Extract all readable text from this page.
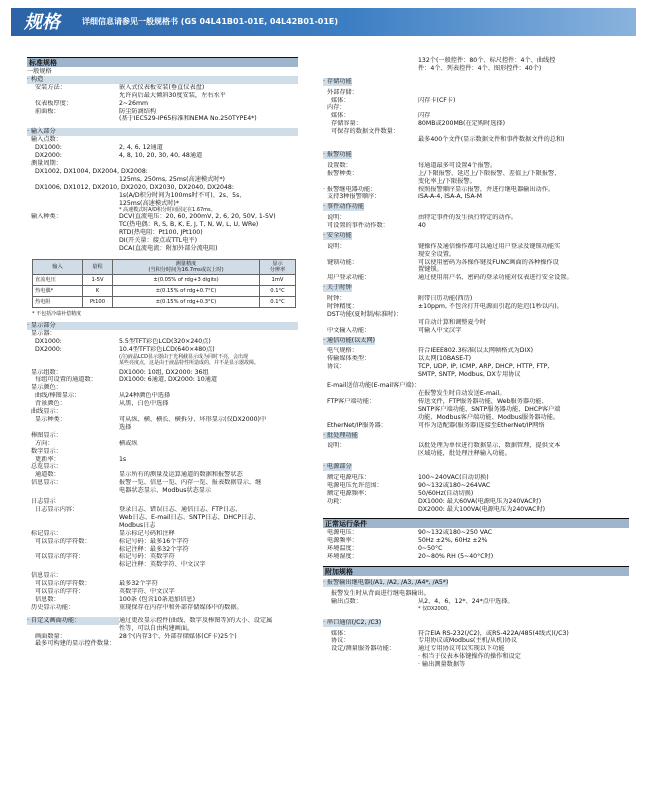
规格	详细信息请参见一般规格书 (GS 04L41B01-01E, 04L42B01-01E)
标准规格
一般规格
· 构造
安装方法：	嵌入式仪表板安装(垂直仪表盘)
允许向后最大倾斜30度安装，左右水平
仪表板厚度：	2~26mm
前面板：	防尘防滴结构
(基于IEC529-IP65标准和NEMA No.250TYPE4*)
· 输入部分
输入点数：
DX1000:	2, 4, 6, 12通道
DX2000:	4, 8, 10, 20, 30, 40, 48通道
测量周期：
DX1002, DX1004, DX2004, DX2008:
125ms, 250ms, 25ms(高速模式时*)
DX1006, DX1012, DX2010, DX2020, DX2030, DX2040, DX2048:
1s(A/D积分时间为100ms时不可)、2s、5s、
125ms(高速模式时)*
* 高速模式时A/D积分时间固定在1.67ms。
输入种类：	DCV(直流电压：20, 60, 200mV, 2, 6, 20, 50V, 1-5V)
TC(热电偶：R, S, B, K, E, J, T, N, W, L, U, WRe)
RTD(热电阻：Pt100, JPt100)
DI(开关量：接点或TTL电平)
DCA(直流电流：附加外部分流电阻)
输入	量程	测量精度
(当积分时间为16.7ms或以上时)	显示
分辨率
直流电压	1-5V	±(0.05% of rdg+3 digits)	1mV
热电偶*	K	±(0.15% of rdg+0.7°C)	0.1°C
热电阻	Pt100	±(0.15% of rdg+0.3°C)	0.1°C
* 不包括冷端补偿精度
· 显示部分
显示器：
DX1000:	5.5型TFT彩色LCD(320×240点)
DX2000:	10.4型TFT彩色LCD(640×480点)
(注)液晶LCD显示器由于光利截显示成为同时不亮，会出现
某些亮度点，这是由于液晶特性所造成的，并不是显示器故障。
显示组数：	DX1000: 10组, DX2000: 36组
每组可设置的通道数：	DX1000: 6通道, DX2000: 10通道
显示颜色：
曲线/棒图显示：	从24种颜色中选择
背景颜色：	从黑，白色中选择
曲线显示：
显示种类：	可从纵、横、横长、横拆分、坏形显示(仅DX2000)中
选择
棒图显示：
方向：	横或纵
数字显示：
更新率：	1s
总览显示：
通道数：	显示所有的测量及运算通道的数据和报警状态
信息显示：	报警一览、信息一览、内存一览、报表数据显示、继
电器状态显示、Modbus状态显示
日志显示
日志显示内容：	登录日志、错误日志、通信日志、FTP日志、
Web日志、E-mail日志、SNTP日志、DHCP日志、
Modbus日志
标记显示：	显示标记号码和注释
可以显示的字符数：	标记号码：最多16个字符
标记注释：最多32个字符
可以显示的字符：	标记号码：英数字符
标记注释：英数字符、中文汉字
信息显示：
可以显示的字符数：	最多32个字符
可以显示的字符：	英数字符、中文汉字
信息数：	100条 (包含10条追加信息)
历史显示功能：	重现保存在内存中和外部存储媒体中的数据。
· 自定义画面功能：	通过更改显示控件(曲线、数字及棒图等)的大小、设定属
性等，可以自由构建画面。
画面数量：	28个(内存3个、外部存储媒体(CF卡)25个)
最多可构建的显示控件数量：
132个(一般控件：80个、标尺控件：4个、曲线控
件：4个、列表控件：4个、图形控件：40个)
· 存储功能
外部存储：
媒体：	闪存卡(CF卡)
内存：
媒体：	闪存
存储容量：	80MB或200MB(在定购时选择)
可保存的数据文件数量：
最多400个文件(显示数据文件和事件数据文件的总和)
· 报警功能
设置数：	每通道最多可设置4个报警。
报警种类：	上/下限报警、延迟上/下限报警、差值上/下限报警、
变化率上/下限报警。
· 报警继电器功能：	按照报警顺序显示报警，并进行继电器输出动作。
支持3种报警顺序：	ISA-A-4, ISA-A, ISA-M
· 事件动作功能
说明：	由特定事件的发生执行特定的动作。
可设置的事件动作数：	40
· 安全功能
说明：	键操作及通信操作都可以通过用户登录及键锁功能实
现安全设置。
键锁功能：	可以使用密码为各操作键及FUNC画面的各种操作设
置键锁。
用户登录功能：	通过使用用户名、密码的登录功能对仪表进行安全设置。
· 关于时钟
时钟：	附带日历功能(西历)
时钟精度：	±10ppm, 不包含打开电源而引起的延迟(1秒以内)。
DST功能(夏时制/标准时)：
可自动计算和调整夏令时
中文输入功能：	可输入中文汉字
· 通信功能(以太网)
电气规格：	符合IEEE802.3标准(以太网帧格式为DIX)
传输媒体类型：	以太网(10BASE-T)
协议：	TCP, UDP, IP, ICMP, ARP, DHCP, HTTP, FTP,
SMTP, SNTP, Modbus, DX专用协议
E-mail送信功能(E-mail客户端)：
在报警发生时自动发送E-mail。
FTP客户端功能：	传送文件，FTP服务器功能，Web服务器功能、
SNTP客户端功能、SNTP服务器功能、DHCP客户端
功能、Modbus客户端功能、Modbus服务器功能。
EtherNet/IP服务器：	可作为适配器(服务器)连接至EtherNet/IP网络
· 批处理功能
说明：	以批处理为单位进行数据显示，数据管理，提供文本
区域功能，批处理注释输入功能。
· 电源部分
额定电源电压：	100~240VAC(自动切换)
电源电压允许范围：	90~132或180~264VAC
额定电源频率：	50/60Hz(自动切换)
功耗：	DX1000: 最大60VA(电源电压为240VAC时)
DX2000: 最大100VA(电源电压为240VAC时)
正常运行条件
电源电压：	90~132或180~250 VAC
电源频率：	50Hz ±2%, 60Hz ±2%
环境温度：	0~50°C
环境湿度：	20~80% RH (5~40°C时)
附加规格
· 报警输出继电器(/A1, /A2, /A3, /A4*, /A5*)
报警发生时从背面进行继电器输出。
输出点数：	从2、4、6、12*、24*点中选择。
* 仅DX2000。
· 串口通信(/C2, /C3)
媒体：	符合EIA RS-232(/C2)，或RS-422A/485(4线式)(/C3)
协议：	专用协议或Modbus(主机/从机)协议
设定/测量服务器功能：	通过专用协议可以实现以下功能
· 相当于仪表本体键操作的操作和设定
· 输出测量数据等
